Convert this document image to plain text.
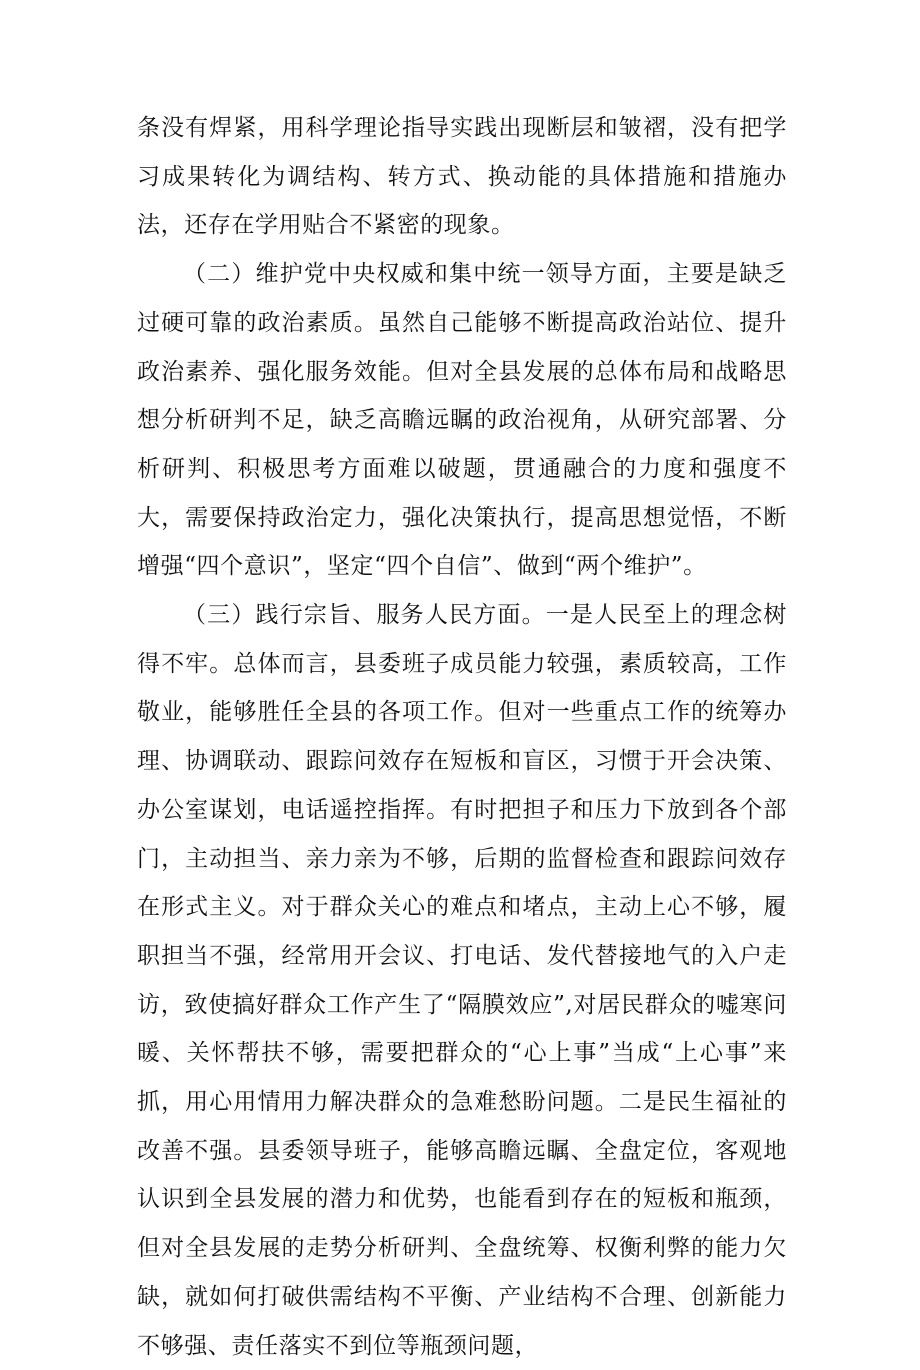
条没有焊紧，用科学理论指导实践出现断层和皱褶，没有把学习成果转化为调结构、转方式、换动能的具体措施和措施办法，还存在学用贴合不紧密的现象。

（二）维护党中央权威和集中统一领导方面，主要是缺乏过硬可靠的政治素质。虽然自己能够不断提高政治站位、提升政治素养、强化服务效能。但对全县发展的总体布局和战略思想分析研判不足，缺乏高瞻远瞩的政治视角，从研究部署、分析研判、积极思考方面难以破题，贯通融合的力度和强度不大，需要保持政治定力，强化决策执行，提高思想觉悟，不断增强“四个意识”，坚定“四个自信”、做到“两个维护”。

（三）践行宗旨、服务人民方面。一是人民至上的理念树得不牢。总体而言，县委班子成员能力较强，素质较高，工作敬业，能够胜任全县的各项工作。但对一些重点工作的统筹办理、协调联动、跟踪问效存在短板和盲区，习惯于开会决策、办公室谋划，电话遥控指挥。有时把担子和压力下放到各个部门，主动担当、亲力亲为不够，后期的监督检查和跟踪问效存在形式主义。对于群众关心的难点和堵点，主动上心不够，履职担当不强，经常用开会议、打电话、发代替接地气的入户走访，致使搞好群众工作产生了“隔膜效应”,对居民群众的嘘寒问暖、关怀帮扶不够，需要把群众的“心上事”当成“上心事”来抓，用心用情用力解决群众的急难愁盼问题。二是民生福祉的改善不强。县委领导班子，能够高瞻远瞩、全盘定位，客观地认识到全县发展的潜力和优势，也能看到存在的短板和瓶颈，但对全县发展的走势分析研判、全盘统筹、权衡利弊的能力欠缺，就如何打破供需结构不平衡、产业结构不合理、创新能力不够强、责任落实不到位等瓶颈问题，
